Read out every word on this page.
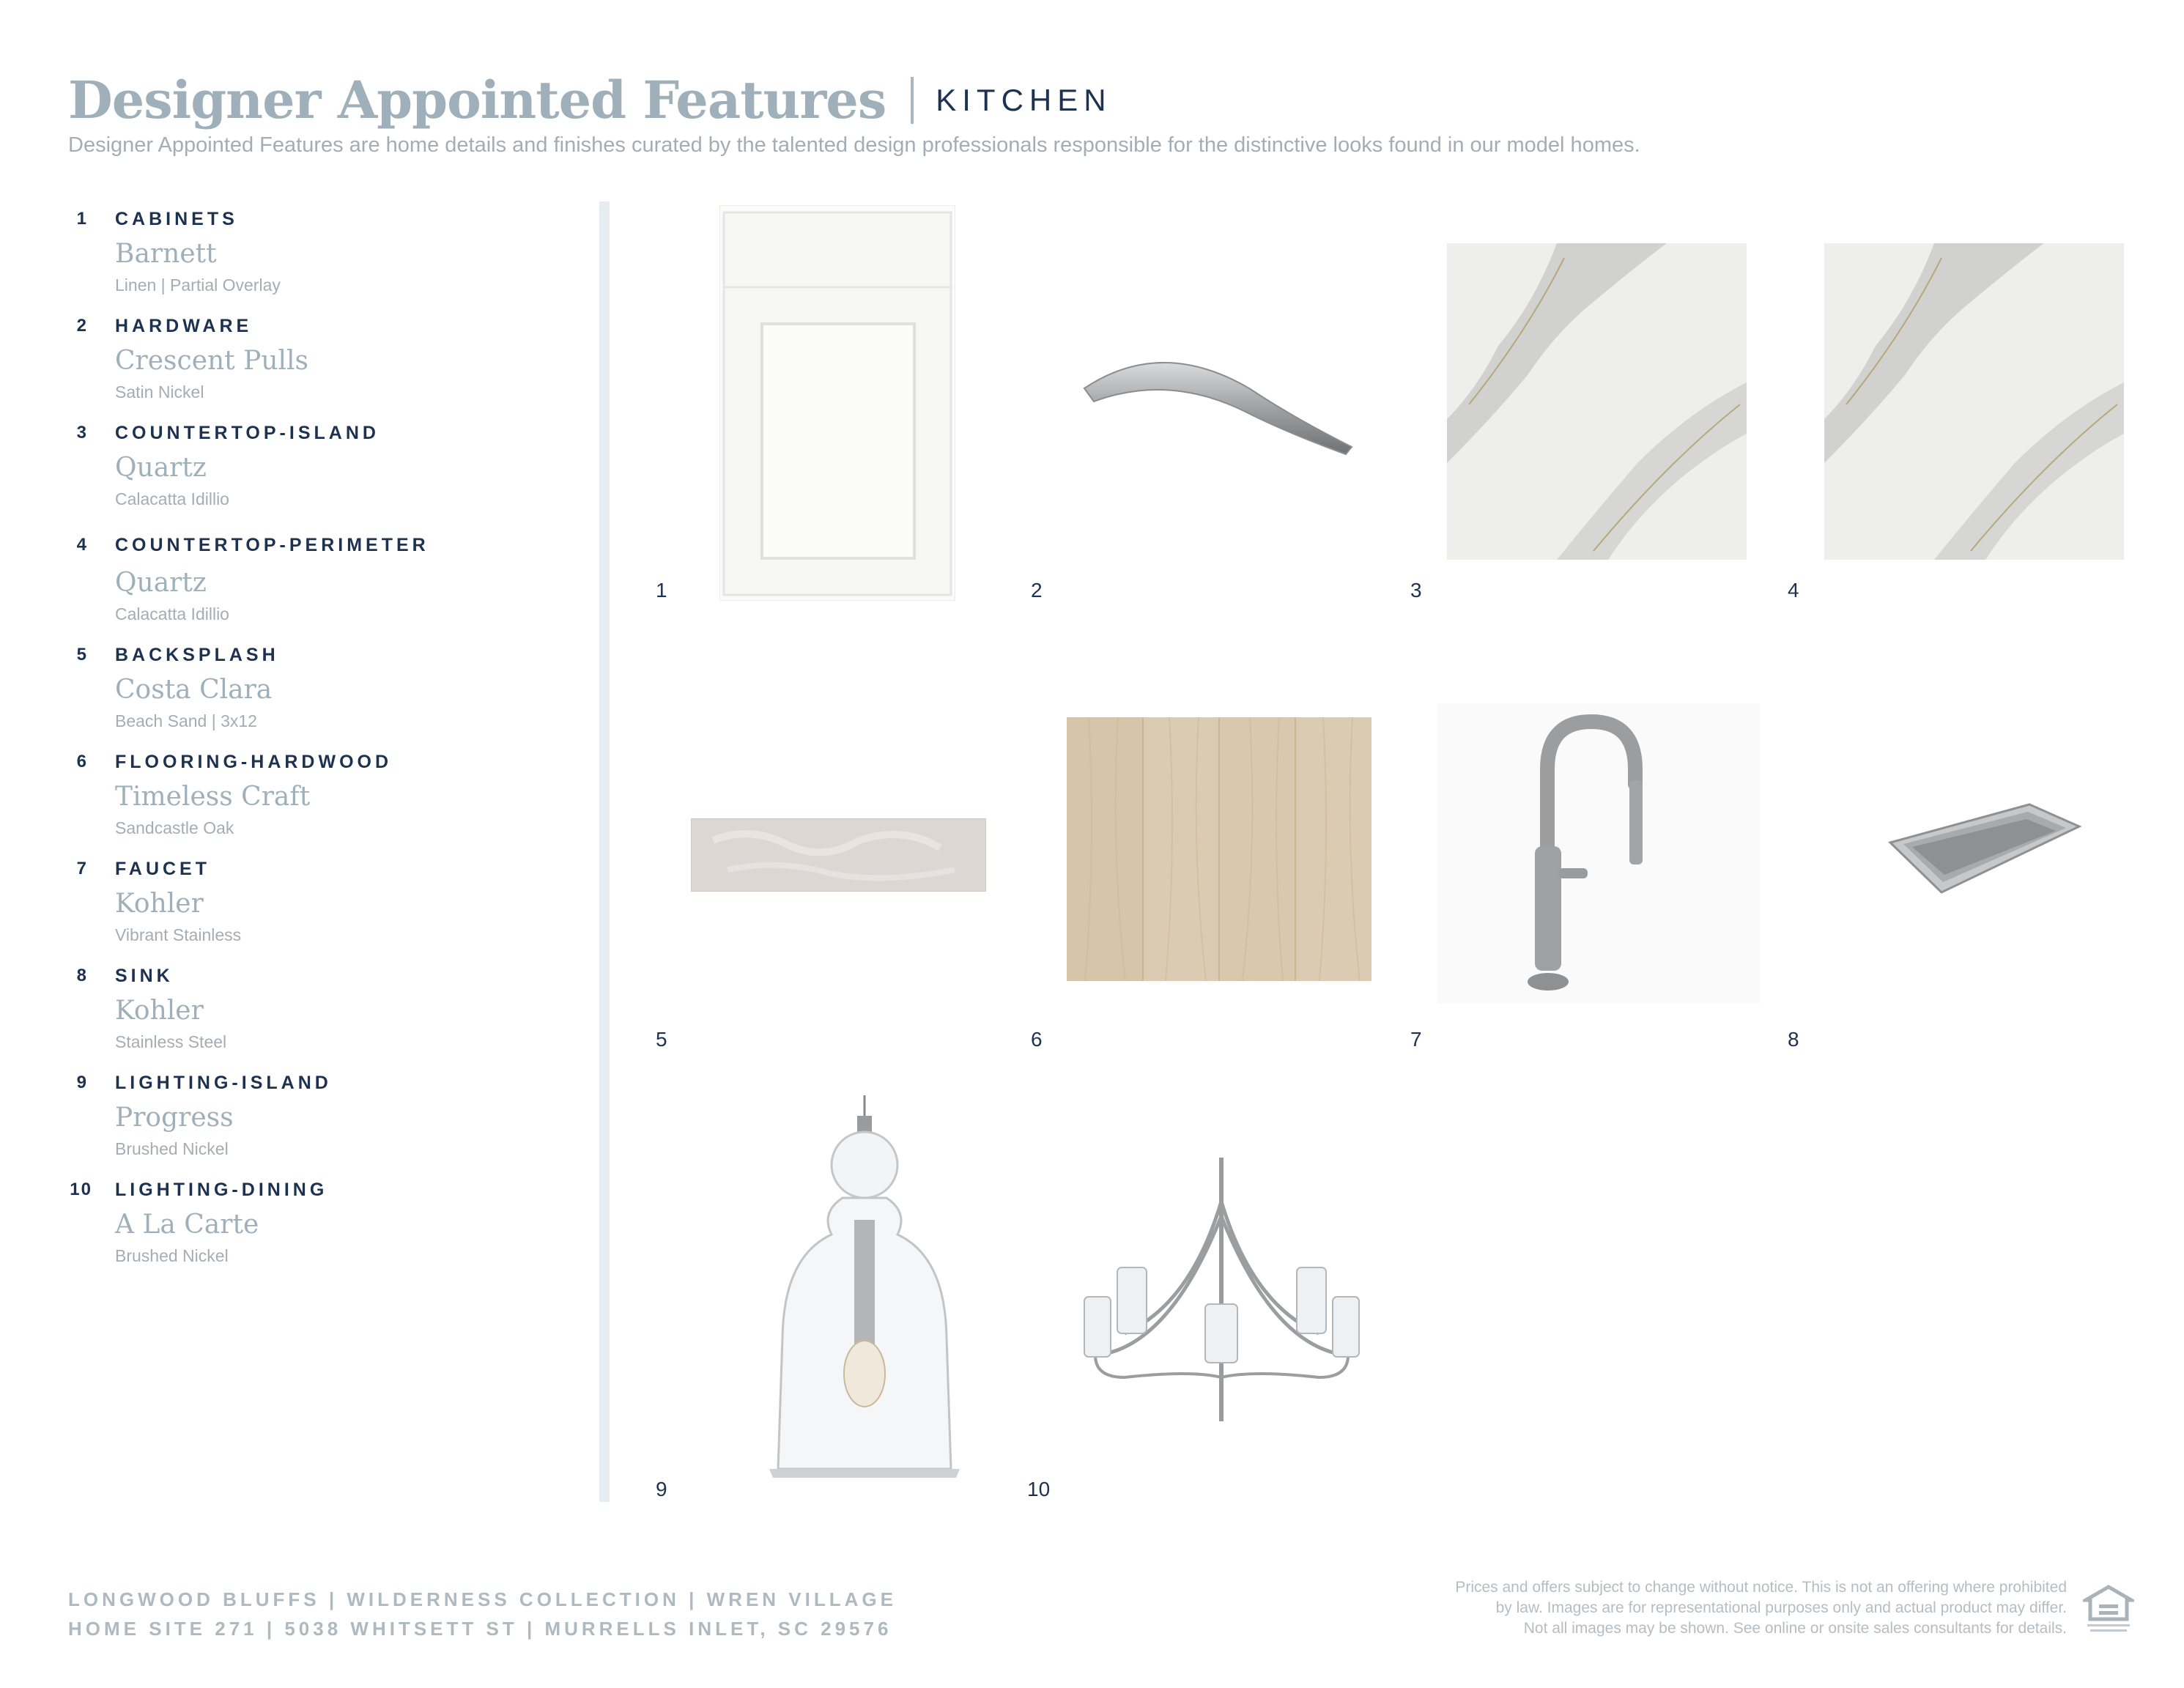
Designer Appointed Features KITCHEN
Designer Appointed Features are home details and finishes curated by the talented design professionals responsible for the distinctive looks found in our model homes.
1 CABINETS
Barnett
Linen | Partial Overlay
2 HARDWARE
Crescent Pulls
Satin Nickel
3 COUNTERTOP-ISLAND
Quartz
Calacatta Idillio
4 COUNTERTOP-PERIMETER
Quartz
Calacatta Idillio
5 BACKSPLASH
Costa Clara
Beach Sand | 3x12
6 FLOORING-HARDWOOD
Timeless Craft
Sandcastle Oak
7 FAUCET
Kohler
Vibrant Stainless
8 SINK
Kohler
Stainless Steel
9 LIGHTING-ISLAND
Progress
Brushed Nickel
10 LIGHTING-DINING
A La Carte
Brushed Nickel
1	2	3	4
5	6	7	8
9	10
LONGWOOD BLUFFS | WILDERNESS COLLECTION | WREN VILLAGE
HOME SITE 271 | 5038 WHITSETT ST | MURRELLS INLET, SC 29576
Prices and offers subject to change without notice. This is not an offering where prohibited
by law. Images are for representational purposes only and actual product may differ.
Not all images may be shown. See online or onsite sales consultants for details.
